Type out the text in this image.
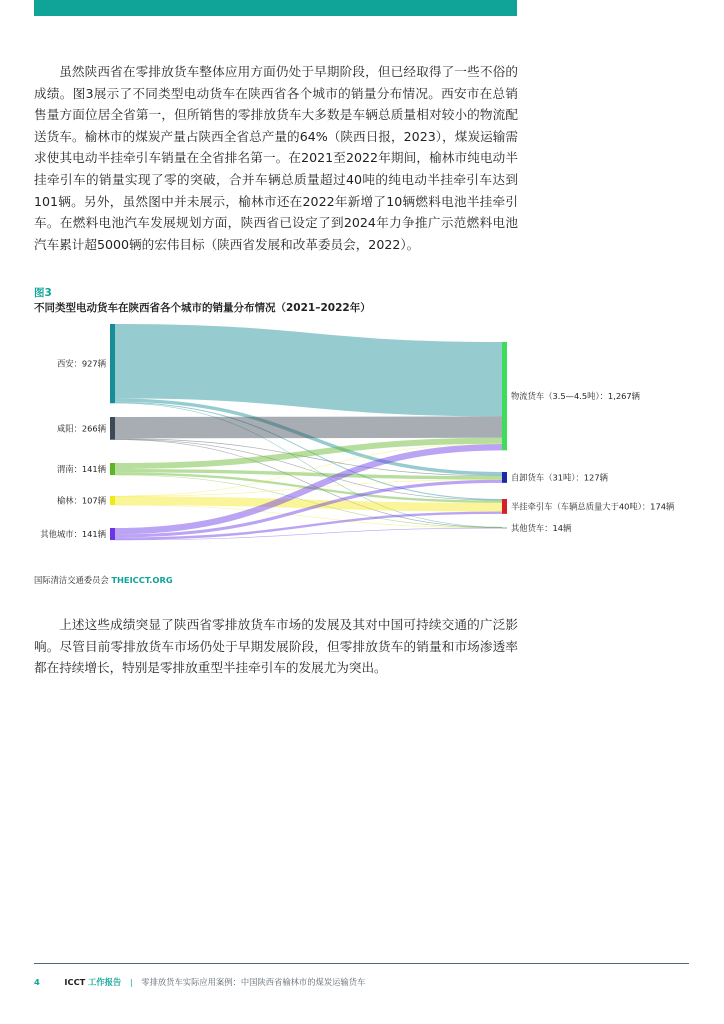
虽然陕西省在零排放货车整体应用方面仍处于早期阶段，但已经取得了一些不俗的成绩。图3展示了不同类型电动货车在陕西省各个城市的销量分布情况。西安市在总销售量方面位居全省第一，但所销售的零排放货车大多数是车辆总质量相对较小的物流配送货车。榆林市的煤炭产量占陕西全省总产量的64%（陕西日报，2023），煤炭运输需求使其电动半挂牵引车销量在全省排名第一。在2021至2022年期间，榆林市纯电动半挂牵引车的销量实现了零的突破，合并车辆总质量超过40吨的纯电动半挂牵引车达到101辆。另外，虽然图中并未展示，榆林市还在2022年新增了10辆燃料电池半挂牵引车。在燃料电池汽车发展规划方面，陕西省已设定了到2024年力争推广示范燃料电池汽车累计超5000辆的宏伟目标（陕西省发展和改革委员会，2022）。

图3

不同类型电动货车在陕西省各个城市的销量分布情况（2021–2022年）

西安：927辆
咸阳：266辆
渭南：141辆
榆林：107辆
其他城市：141辆
物流货车（3.5—4.5吨）：1,267辆
自卸货车（31吨）：127辆
半挂牵引车（车辆总质量大于40吨）：174辆
其他货车：14辆

国际清洁交通委员会 THEICCT.ORG

上述这些成绩突显了陕西省零排放货车市场的发展及其对中国可持续交通的广泛影响。尽管目前零排放货车市场仍处于早期发展阶段，但零排放货车的销量和市场渗透率都在持续增长，特别是零排放重型半挂牵引车的发展尤为突出。

4	ICCT 工作报告 | 零排放货车实际应用案例：中国陕西省榆林市的煤炭运输货车
